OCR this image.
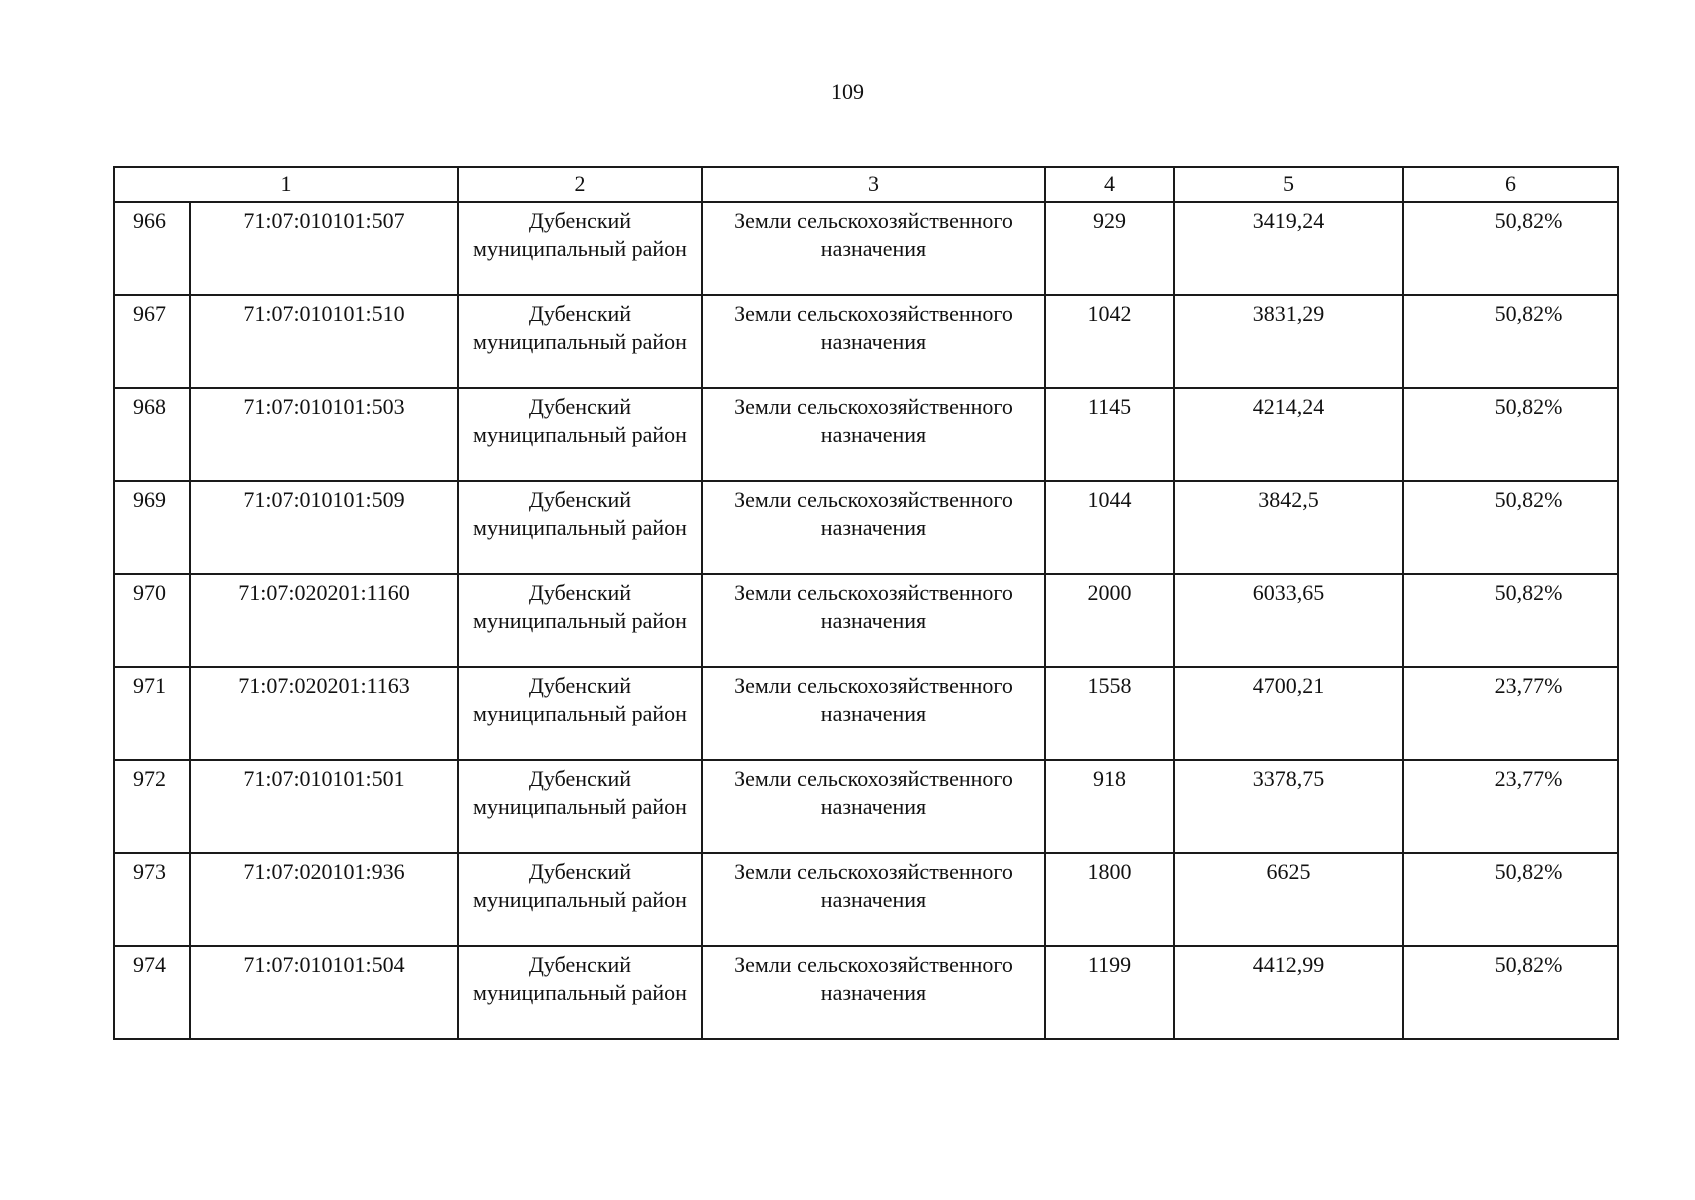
109
1		2	3	4	5	6
966	71:07:010101:507	Дубенский муниципальный район	Земли сельскохозяйственного назначения	929	3419,24	50,82%
967	71:07:010101:510	Дубенский муниципальный район	Земли сельскохозяйственного назначения	1042	3831,29	50,82%
968	71:07:010101:503	Дубенский муниципальный район	Земли сельскохозяйственного назначения	1145	4214,24	50,82%
969	71:07:010101:509	Дубенский муниципальный район	Земли сельскохозяйственного назначения	1044	3842,5	50,82%
970	71:07:020201:1160	Дубенский муниципальный район	Земли сельскохозяйственного назначения	2000	6033,65	50,82%
971	71:07:020201:1163	Дубенский муниципальный район	Земли сельскохозяйственного назначения	1558	4700,21	23,77%
972	71:07:010101:501	Дубенский муниципальный район	Земли сельскохозяйственного назначения	918	3378,75	23,77%
973	71:07:020101:936	Дубенский муниципальный район	Земли сельскохозяйственного назначения	1800	6625	50,82%
974	71:07:010101:504	Дубенский муниципальный район	Земли сельскохозяйственного назначения	1199	4412,99	50,82%
